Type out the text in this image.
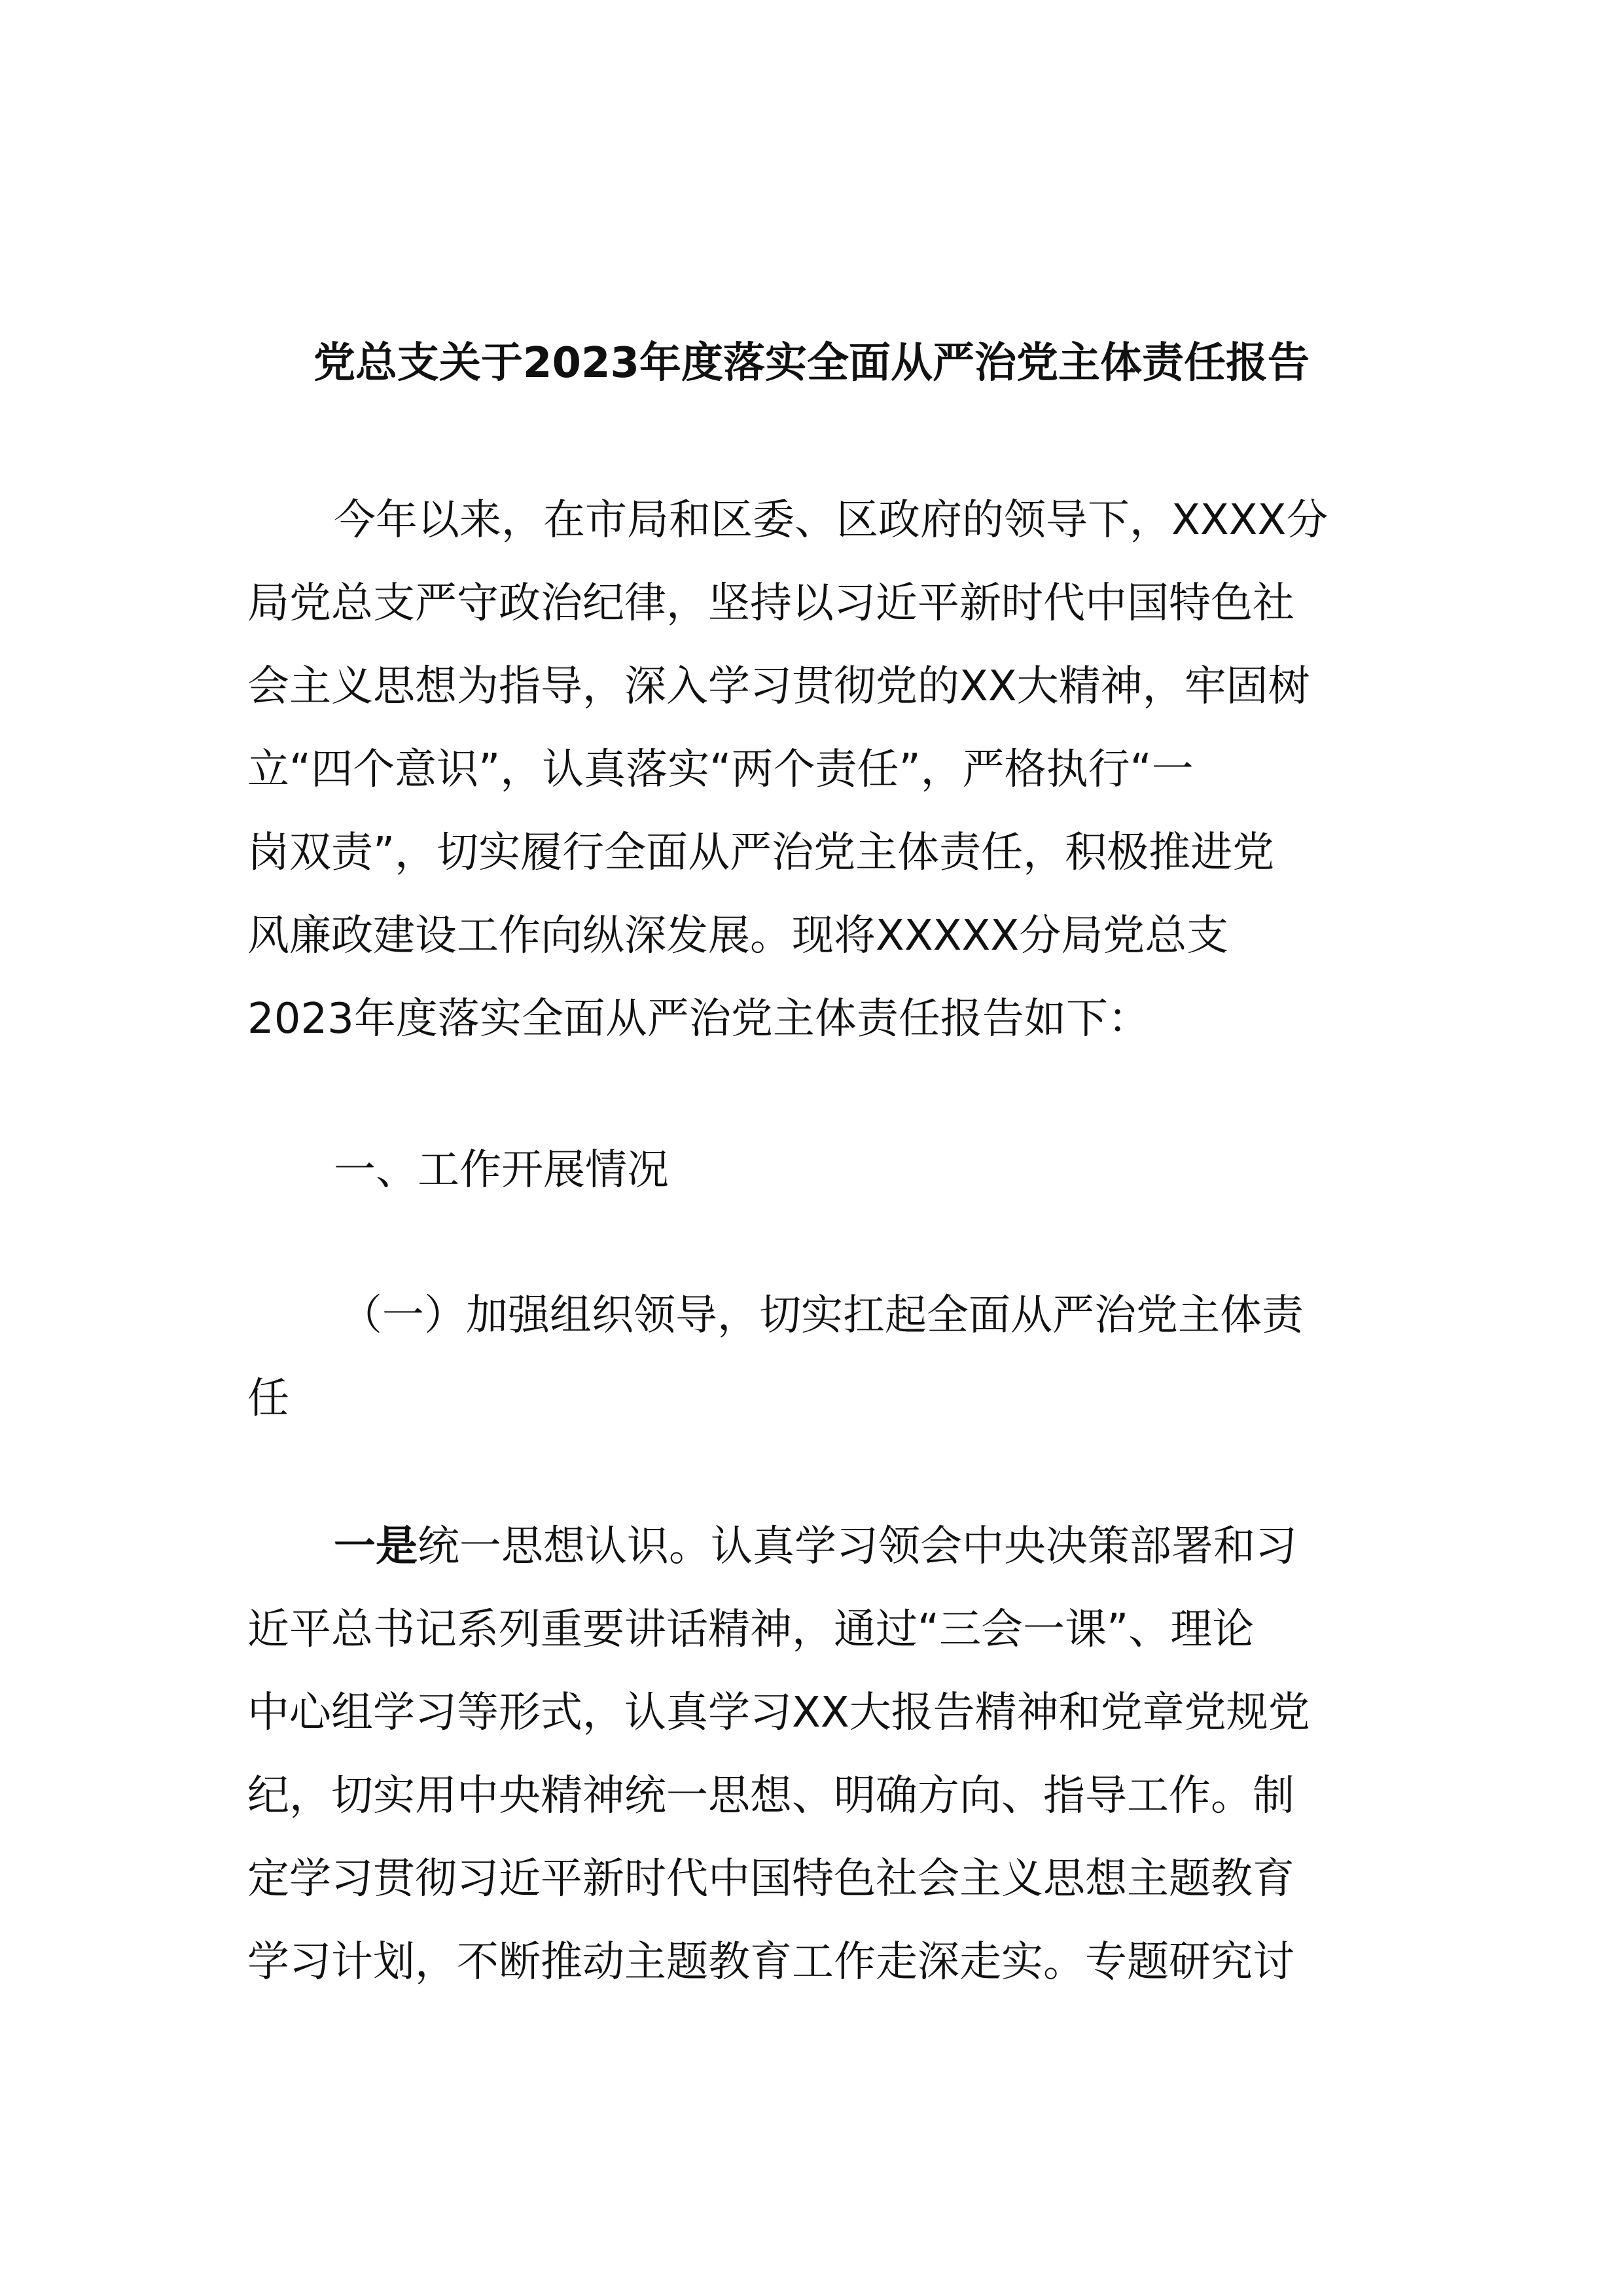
党总支关于2023年度落实全面从严治党主体责任报告
今年以来，在市局和区委、区政府的领导下，XXXX分
局党总支严守政治纪律，坚持以习近平新时代中国特色社
会主义思想为指导，深入学习贯彻党的XX大精神，牢固树
立“四个意识”，认真落实“两个责任”，严格执行“一
岗双责”，切实履行全面从严治党主体责任，积极推进党
风廉政建设工作向纵深发展。现将XXXXX分局党总支
2023年度落实全面从严治党主体责任报告如下：
一、工作开展情况
（一）加强组织领导，切实扛起全面从严治党主体责
任
一是统一思想认识。认真学习领会中央决策部署和习
近平总书记系列重要讲话精神，通过“三会一课”、理论
中心组学习等形式，认真学习XX大报告精神和党章党规党
纪，切实用中央精神统一思想、明确方向、指导工作。制
定学习贯彻习近平新时代中国特色社会主义思想主题教育
学习计划，不断推动主题教育工作走深走实。专题研究讨
